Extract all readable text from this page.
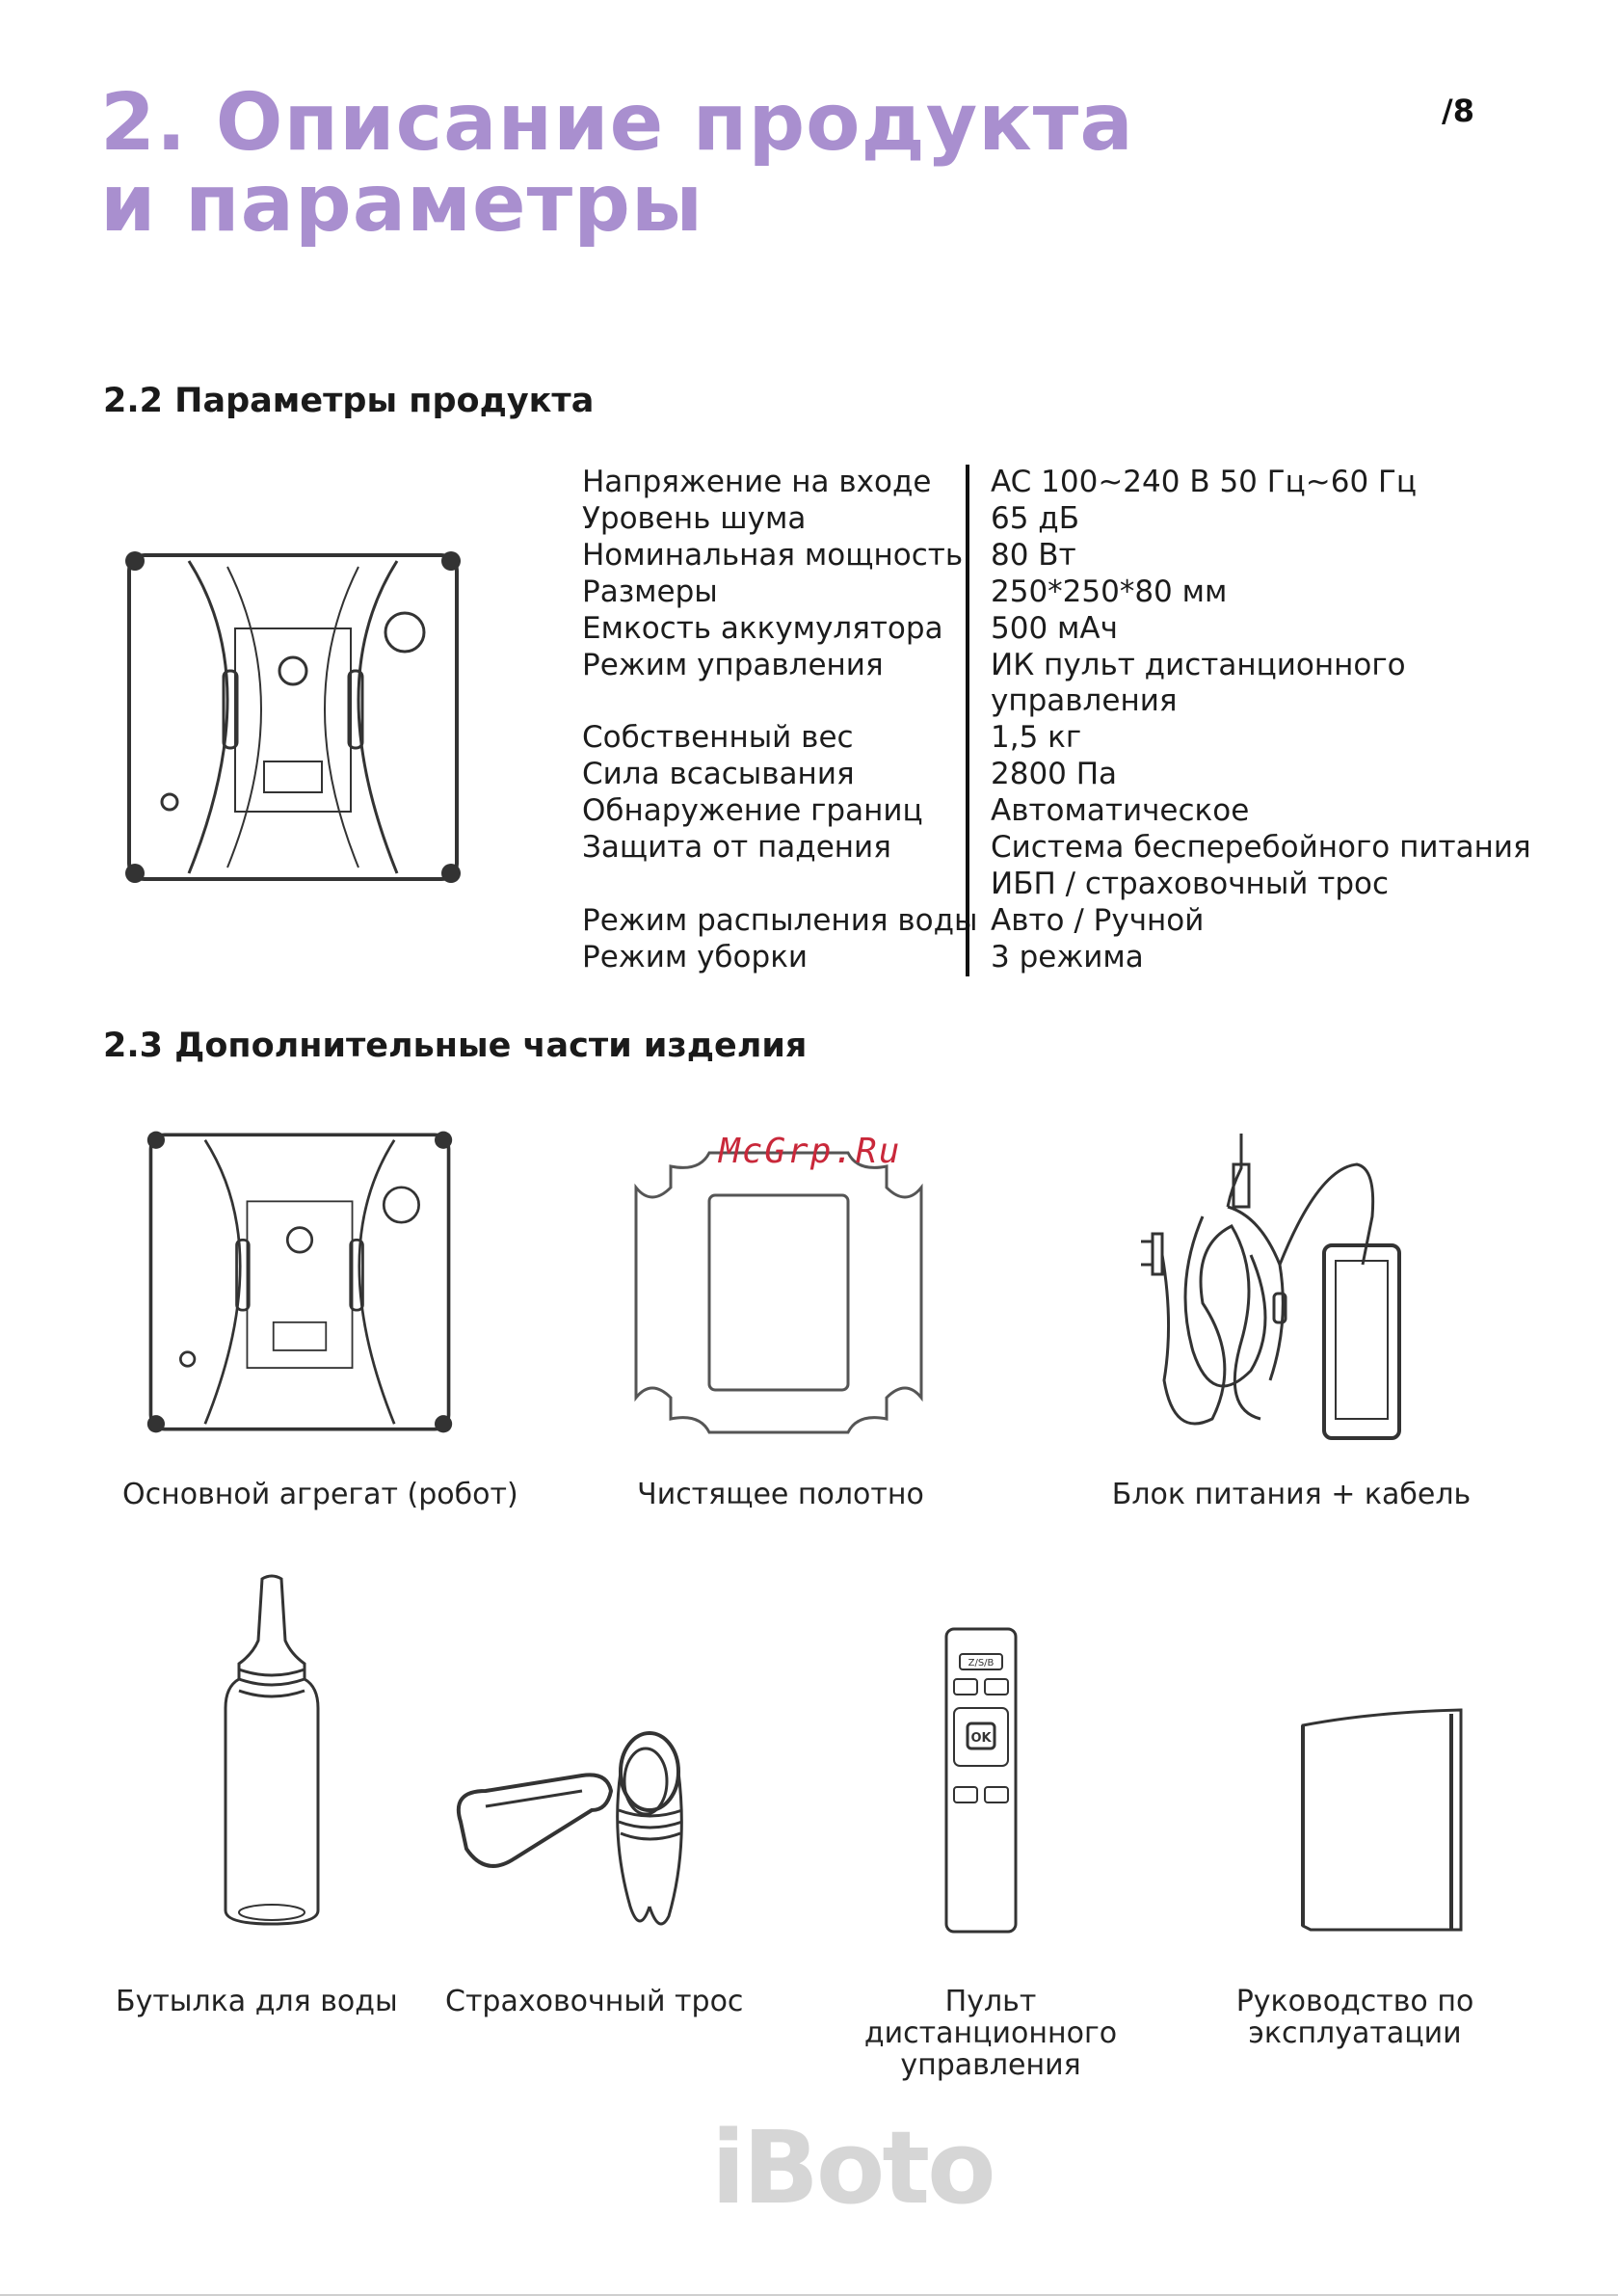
2. Описание продукта
и параметры
/8
2.2 Параметры продукта
Напряжение на входе	AC 100~240 В 50 Гц~60 Гц
Уровень шума	65 дБ
Номинальная мощность 80 Вт
Размеры	250*250*80 мм
Емкость аккумулятора	500 мАч
Режим управления	ИК пульт дистанционного
управления
Собственный вес	1,5 кг
Сила всасывания	2800 Па
Обнаружение границ	Автоматическое
Защита от падения	Система бесперебойного питания
ИБП / страховочный трос
Режим распыления воды Авто / Ручной
Режим уборки	3 режима
2.3 Дополнительные части изделия
McGrp.Ru
Основной агрегат (робот)	Чистящее полотно	Блок питания + кабель
Z/S/B
OK
Бутылка для воды Страховочный трос	Пульт дистанционного управления
Руководство по эксплуатации
iBoto
